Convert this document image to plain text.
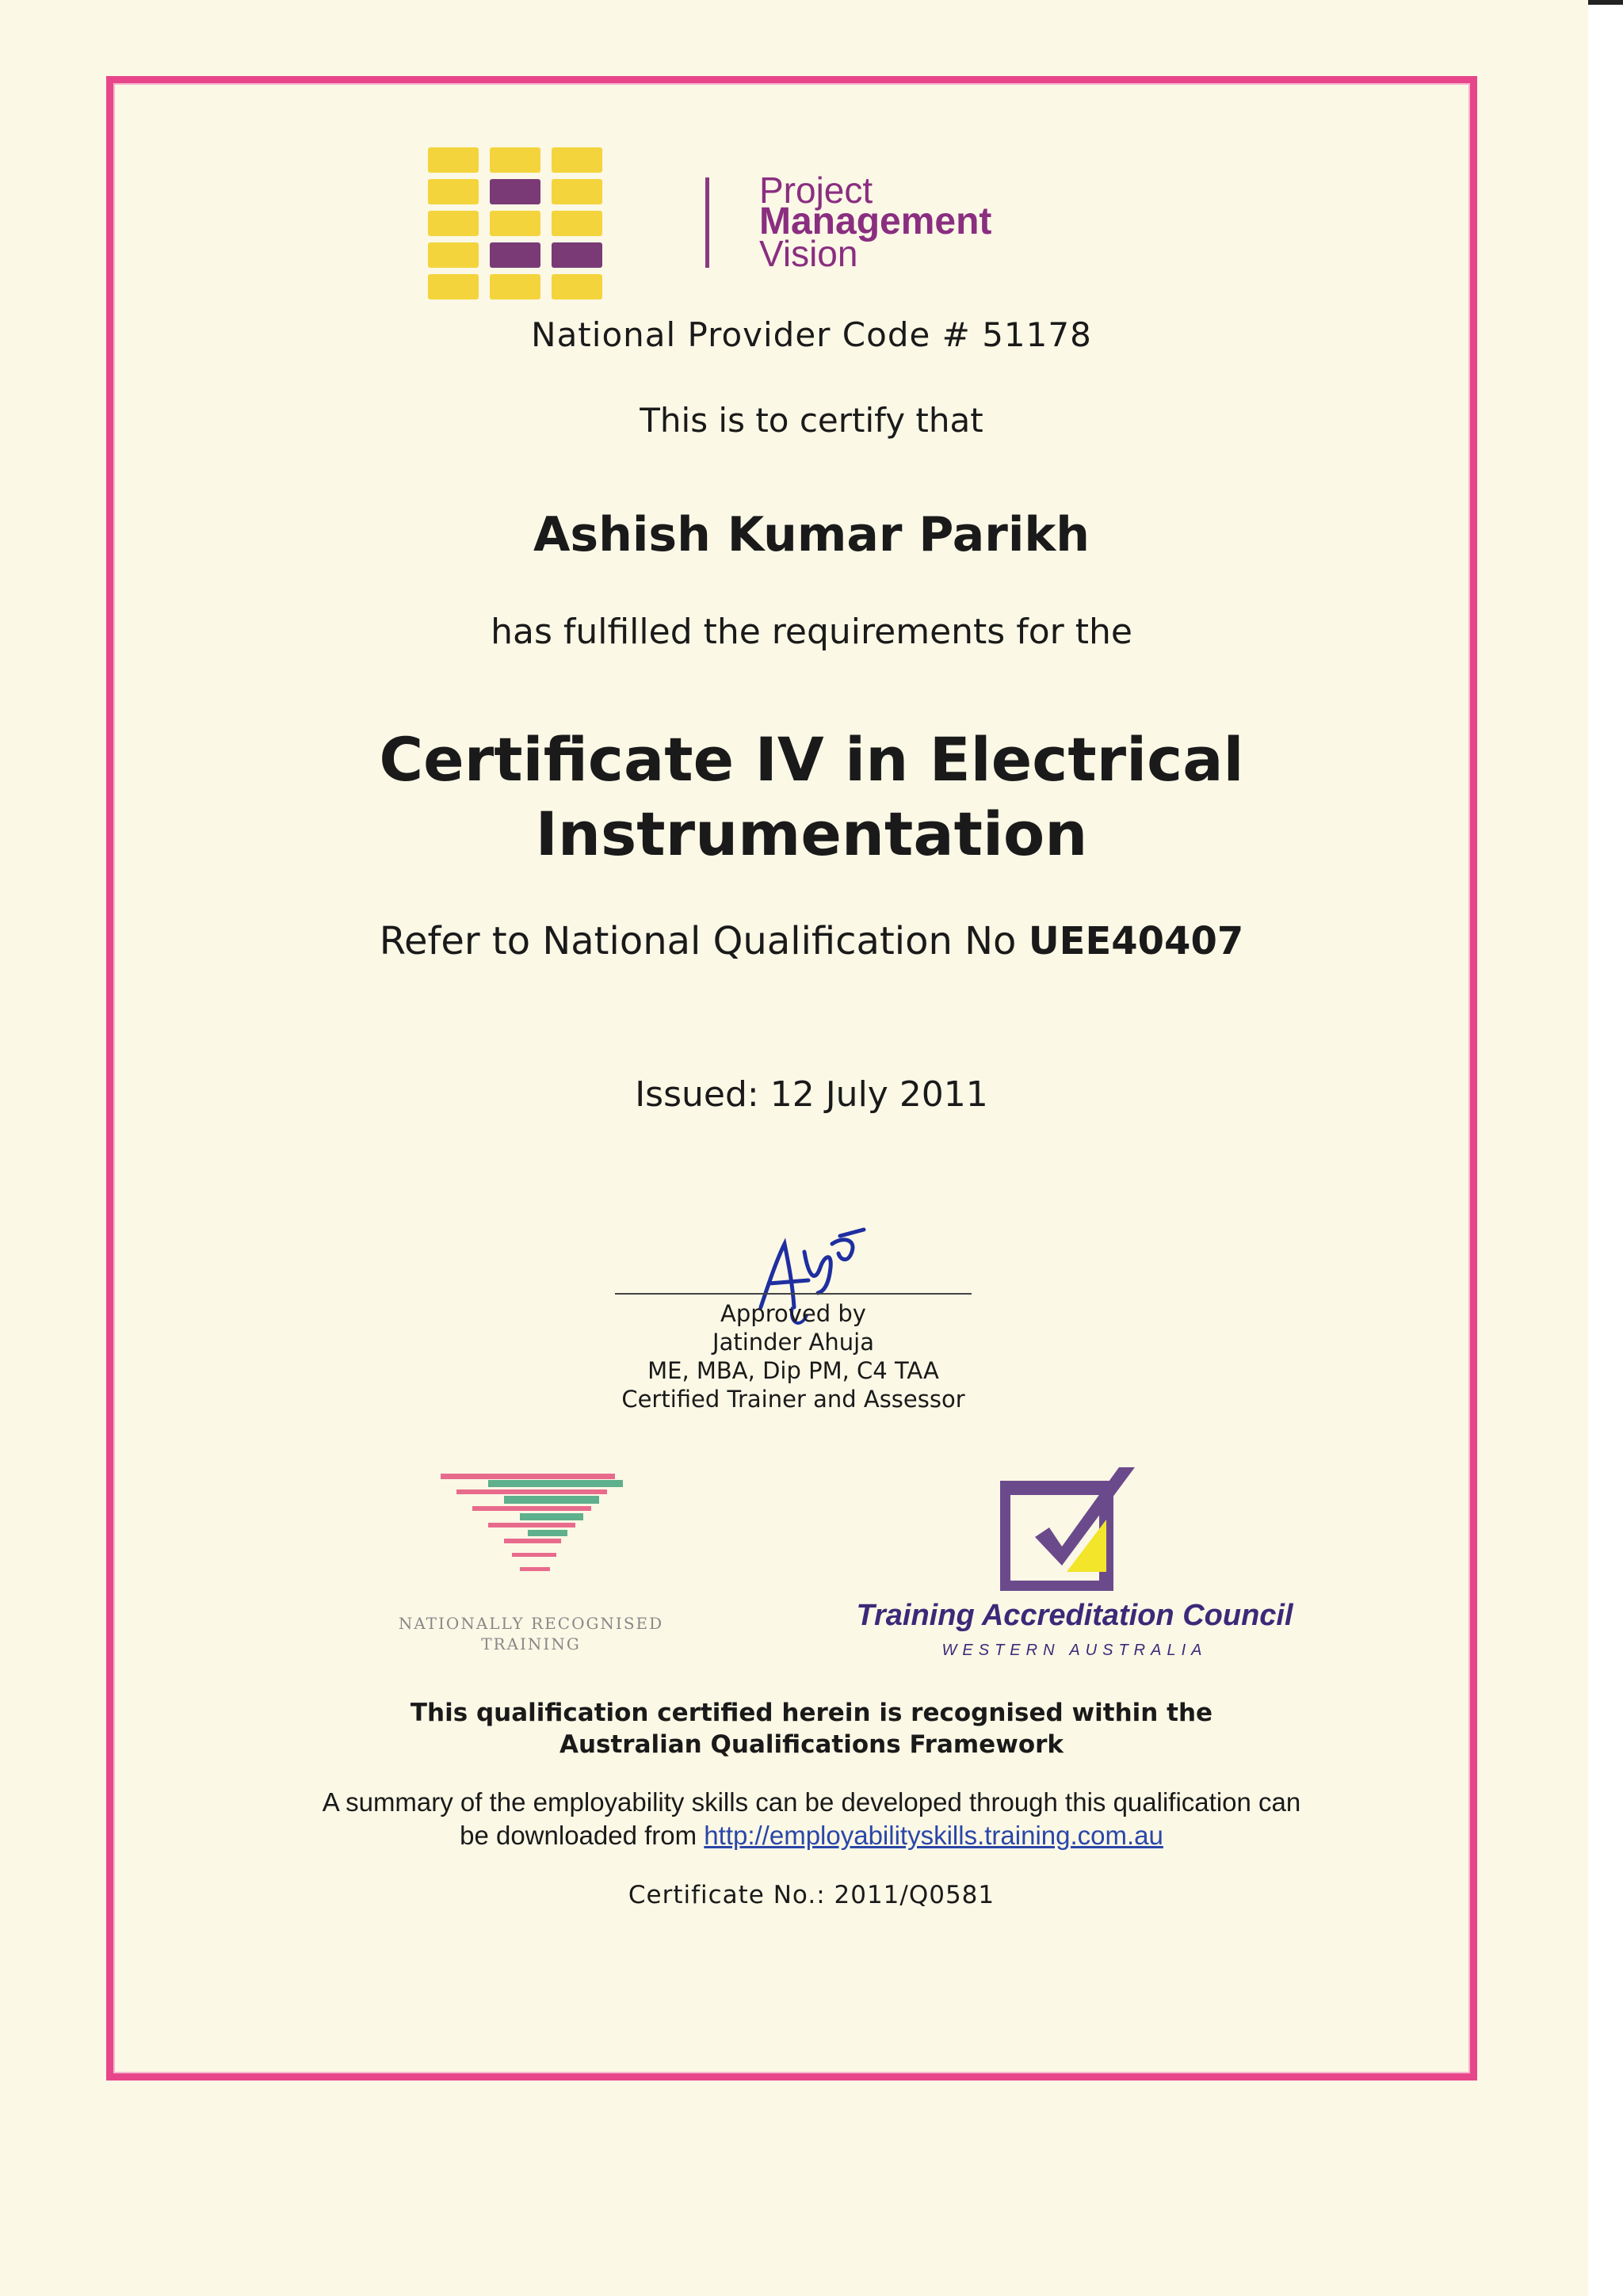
Project
Management
Vision
National Provider Code # 51178
This is to certify that
Ashish Kumar Parikh
has fulfilled the requirements for the
Certificate IV in Electrical
Instrumentation
Refer to National Qualification No UEE40407
Issued: 12 July 2011
Approved by
Jatinder Ahuja
ME, MBA, Dip PM, C4 TAA
Certified Trainer and Assessor
NATIONALLY RECOGNISED
TRAINING
Training Accreditation Council
WESTERN AUSTRALIA
This qualification certified herein is recognised within the
Australian Qualifications Framework
A summary of the employability skills can be developed through this qualification can
be downloaded from http://employabilityskills.training.com.au
Certificate No.: 2011/Q0581
